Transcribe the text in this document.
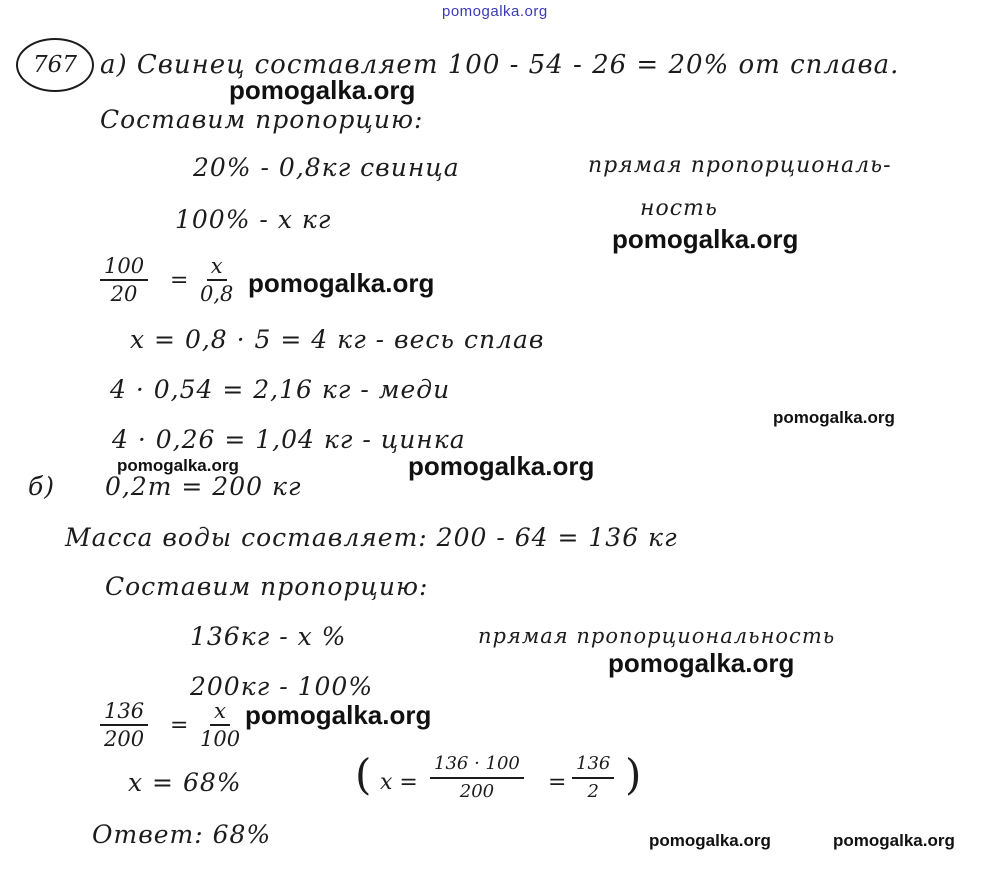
pomogalka.org
767 а) Свинец составляет 100 - 54 - 26 = 20% от сплава.
Составим пропорцию:
20% - 0,8кг свинца	прямая пропорциональ-
ность
100% - x кг
$\frac{100}{20} = \frac{x}{0,8}$
x = 0,8 · 5 = 4 кг - весь сплав
4 · 0,54 = 2,16 кг - меди
4 · 0,26 = 1,04 кг - цинка
б) 0,2т = 200 кг
Масса воды составляет: 200 - 64 = 136 кг
Составим пропорцию:
136кг - x %	прямая пропорциональность
200кг - 100%
$\frac{136}{200} = \frac{x}{100}$
x = 68%	( $x = \frac{136 \cdot 100}{200} = \frac{136}{2}$ )
Ответ: 68%
pomogalka.org
pomogalka.org
pomogalka.org
pomogalka.org
pomogalka.org	pomogalka.org
pomogalka.org
pomogalka.org
pomogalka.org	pomogalka.org
